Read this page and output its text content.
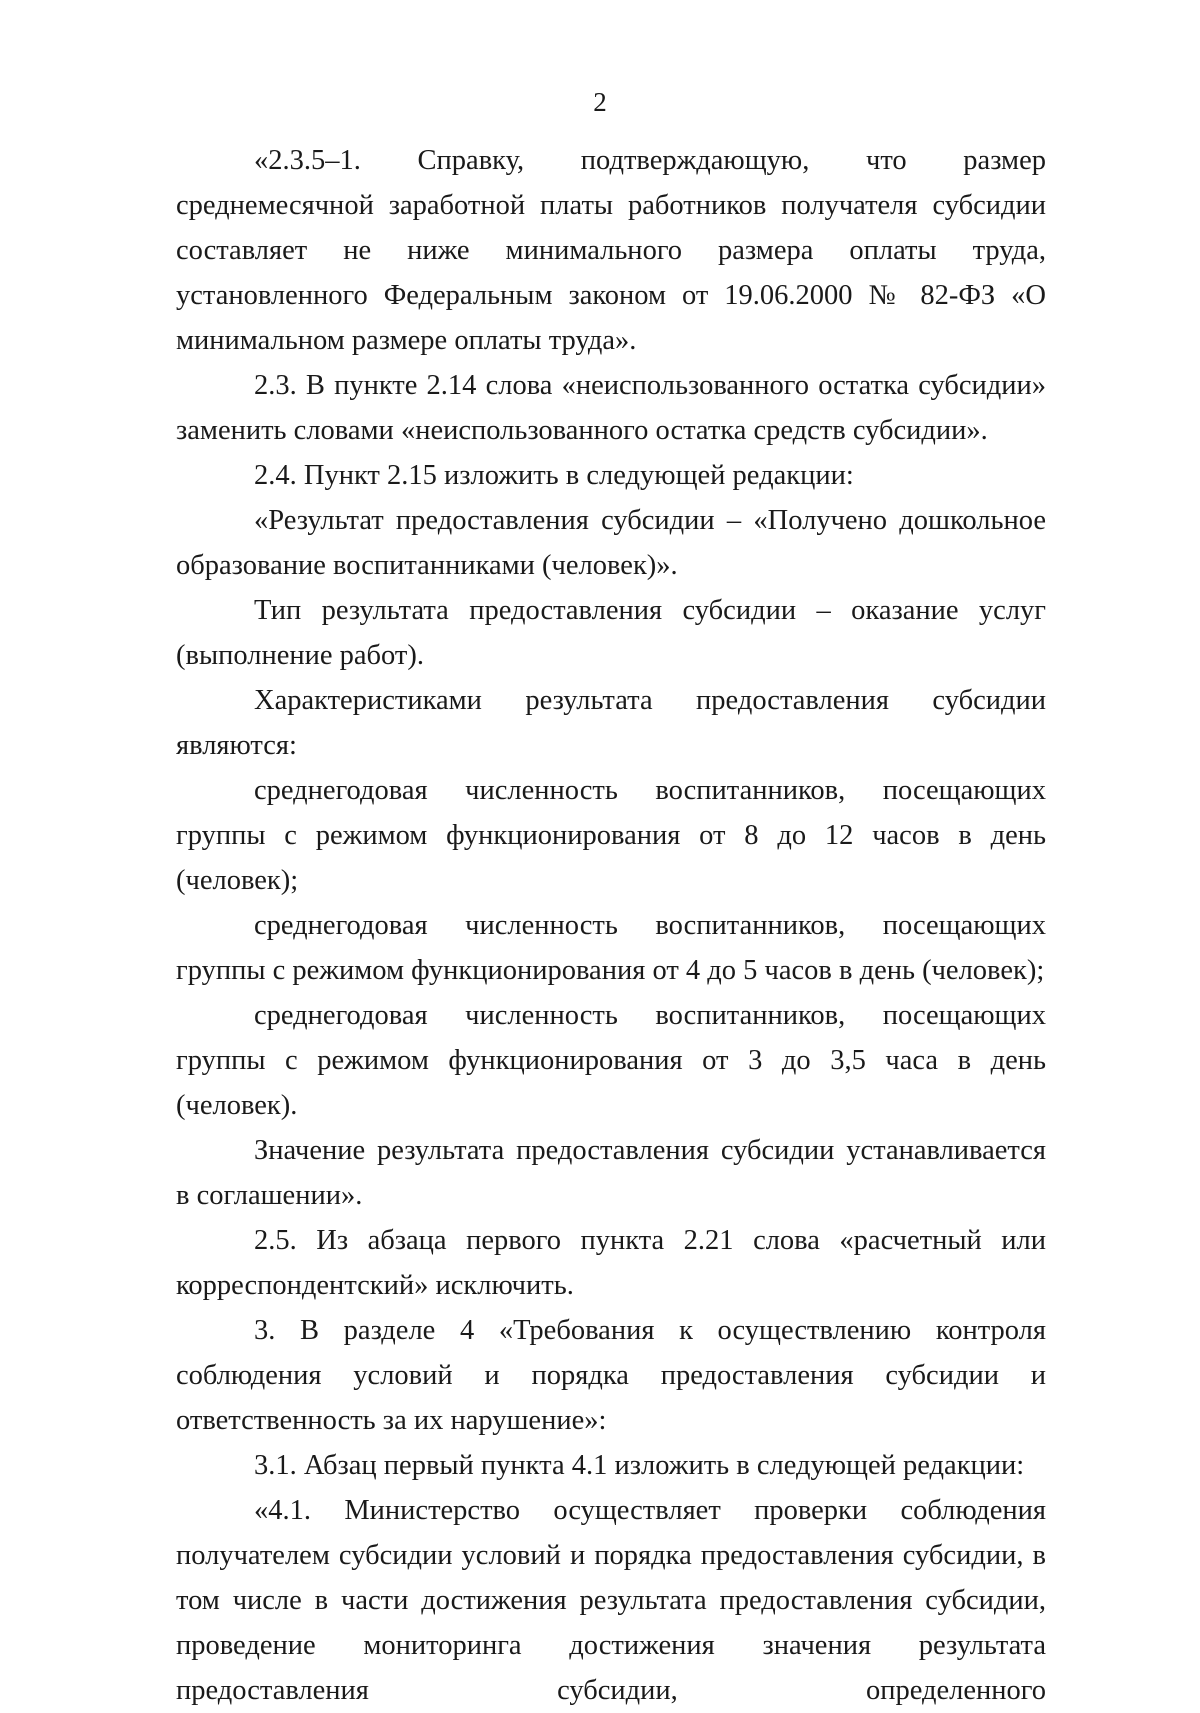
2

«2.3.5–1. Справку, подтверждающую, что размер среднемесячной заработной платы работников получателя субсидии составляет не ниже минимального размера оплаты труда, установленного Федеральным законом от 19.06.2000 № 82-ФЗ «О минимальном размере оплаты труда».

2.3. В пункте 2.14 слова «неиспользованного остатка субсидии» заменить словами «неиспользованного остатка средств субсидии».

2.4. Пункт 2.15 изложить в следующей редакции:

«Результат предоставления субсидии – «Получено дошкольное образование воспитанниками (человек)».

Тип результата предоставления субсидии – оказание услуг (выполнение работ).

Характеристиками результата предоставления субсидии являются:

среднегодовая численность воспитанников, посещающих группы с режимом функционирования от 8 до 12 часов в день (человек);

среднегодовая численность воспитанников, посещающих группы с режимом функционирования от 4 до 5 часов в день (человек);

среднегодовая численность воспитанников, посещающих группы с режимом функционирования от 3 до 3,5 часа в день (человек).

Значение результата предоставления субсидии устанавливается в соглашении».

2.5. Из абзаца первого пункта 2.21 слова «расчетный или корреспондентский» исключить.

3. В разделе 4 «Требования к осуществлению контроля соблюдения условий и порядка предоставления субсидии и ответственность за их нарушение»:

3.1. Абзац первый пункта 4.1 изложить в следующей редакции:

«4.1. Министерство осуществляет проверки соблюдения получателем субсидии условий и порядка предоставления субсидии, в том числе в части достижения результата предоставления субсидии, проведение мониторинга достижения значения результата предоставления субсидии, определенного
